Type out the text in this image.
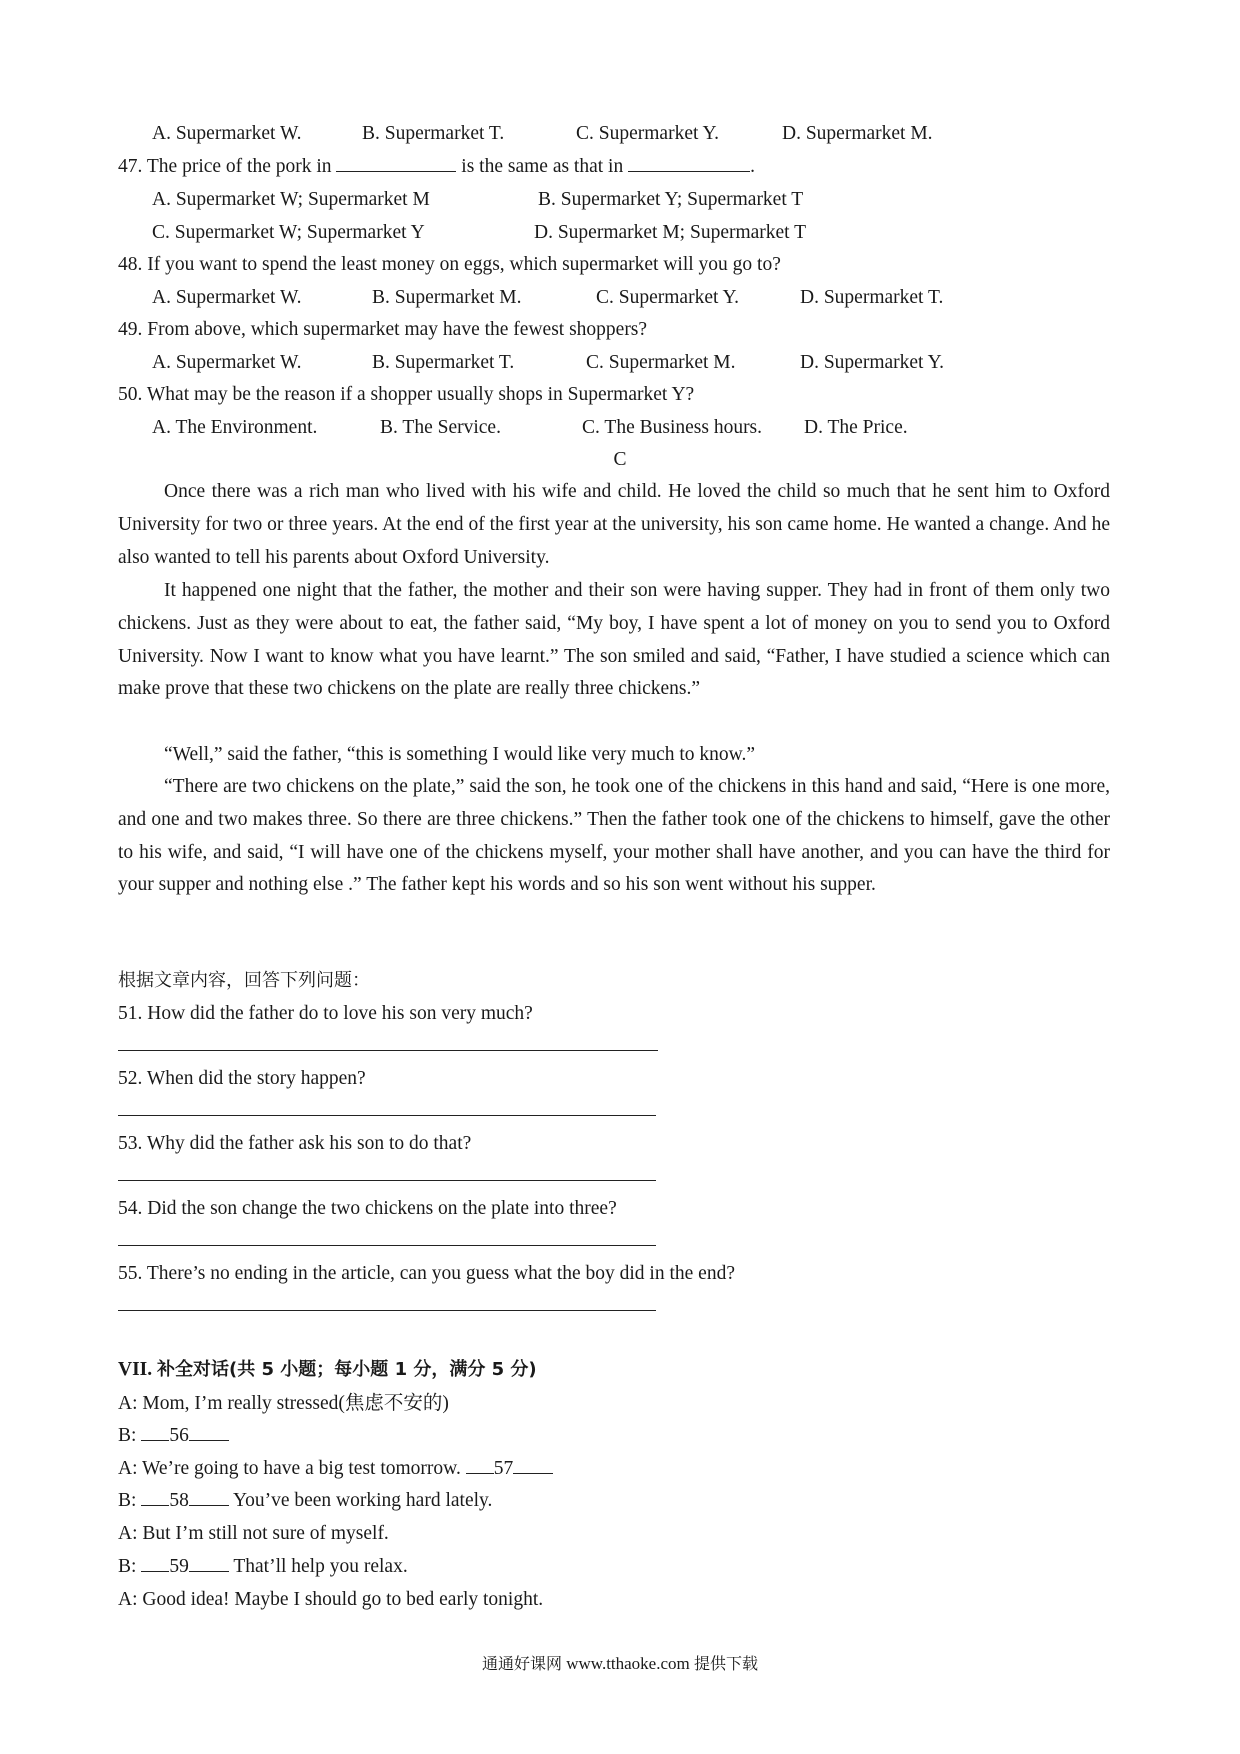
A. Supermarket W.	B. Supermarket T.	C. Supermarket Y.	D. Supermarket M.
47. The price of the pork in	is the same as that in	.
A. Supermarket W; Supermarket M	B. Supermarket Y; Supermarket T
C. Supermarket W; Supermarket Y	D. Supermarket M; Supermarket T
48. If you want to spend the least money on eggs, which supermarket will you go to?
A. Supermarket W.	B. Supermarket M.	C. Supermarket Y.	D. Supermarket T.
49. From above, which supermarket may have the fewest shoppers?
A. Supermarket W.	B. Supermarket T.	C. Supermarket M.	D. Supermarket Y.
50. What may be the reason if a shopper usually shops in Supermarket Y?
A. The Environment.	B. The Service.	C. The Business hours. D. The Price.
C
Once there was a rich man who lived with his wife and child. He loved the child so much that he sent him to Oxford University for two or three years. At the end of the first year at the university, his son came home. He wanted a change. And he also wanted to tell his parents about Oxford University.
It happened one night that the father, the mother and their son were having supper. They had in front of them only two chickens. Just as they were about to eat, the father said, “My boy, I have spent a lot of money on you to send you to Oxford University. Now I want to know what you have learnt.” The son smiled and said, “Father, I have studied a science which can make prove that these two chickens on the plate are really three chickens.”
“Well,” said the father, “this is something I would like very much to know.”
“There are two chickens on the plate,” said the son, he took one of the chickens in this hand and said, “Here is one more, and one and two makes three. So there are three chickens.” Then the father took one of the chickens to himself, gave the other to his wife, and said, “I will have one of the chickens myself, your mother shall have another, and you can have the third for your supper and nothing else .” The father kept his words and so his son went without his supper.
根据文章内容，回答下列问题：
51. How did the father do to love his son very much?
52. When did the story happen?
53. Why did the father ask his son to do that?
54. Did the son change the two chickens on the plate into three?
55. There’s no ending in the article, can you guess what the boy did in the end?
VII. 补全对话(共 5 小题；每小题 1 分，满分 5 分)
A: Mom, I’m really stressed(焦虑不安的)
B: 56
A: We’re going to have a big test tomorrow. 57
B: 58 You’ve been working hard lately.
A: But I’m still not sure of myself.
B: 59 That’ll help you relax.
A: Good idea! Maybe I should go to bed early tonight.
通通好课网 www.tthaoke.com 提供下载
